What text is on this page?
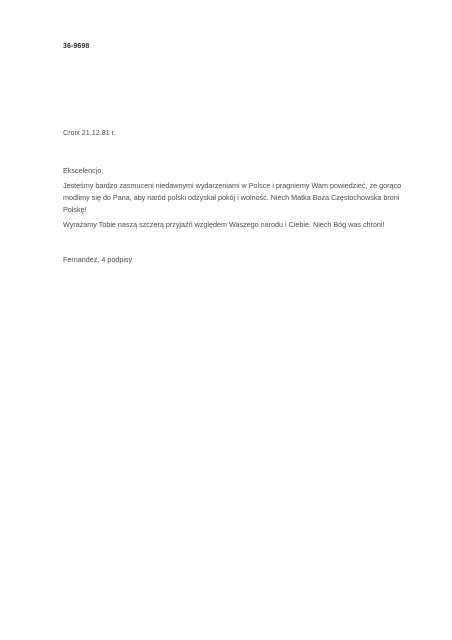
36-9698
Croix 21.12.81 r.
Ekscelencjo,
Jesteśmy bardzo zasmuceni niedawnymi wydarzeniami w Polsce i pragniemy Wam powiedzieć, że gorąco modlimy się do Pana, aby naród polski odzyskał pokój i wolność. Niech Matka Boża Częstochowska broni Polskę!
Wyrażamy Tobie naszą szczerą przyjaźń względem Waszego narodu i Ciebie. Niech Bóg was chroni!
Fernandez, 4 podpisy
